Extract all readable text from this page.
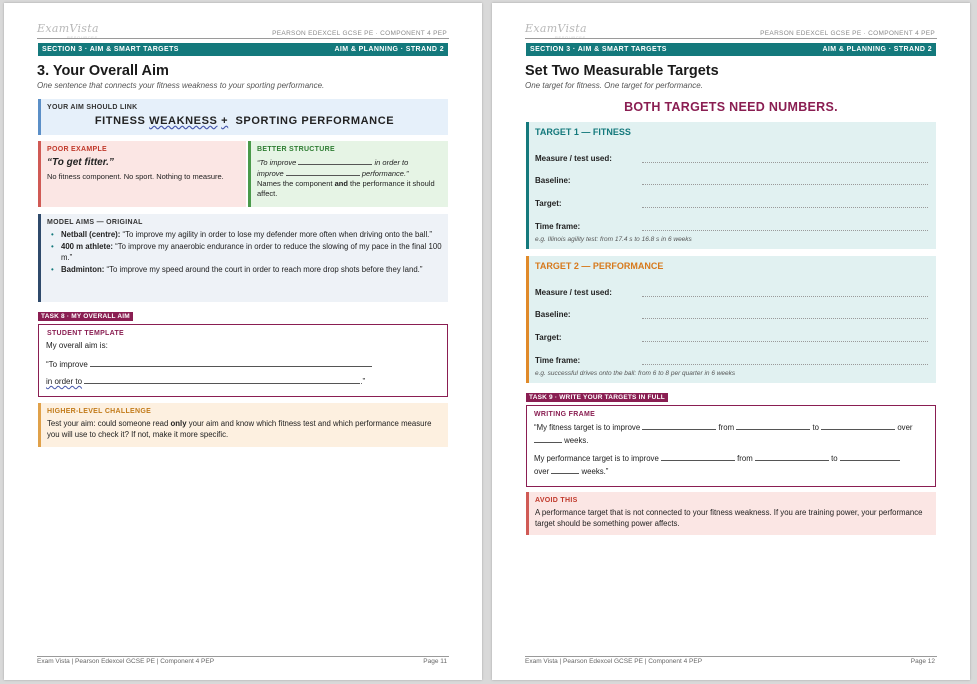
ExamVista
RESOURCES
PEARSON EDEXCEL GCSE PE · COMPONENT 4 PEP
SECTION 3 · AIM & SMART TARGETS	AIM & PLANNING · STRAND 2
3. Your Overall Aim
One sentence that connects your fitness weakness to your sporting performance.
YOUR AIM SHOULD LINK
FITNESS WEAKNESS + SPORTING PERFORMANCE
POOR EXAMPLE
“To get fitter.”
No fitness component. No sport. Nothing to measure.
BETTER STRUCTURE
“To improve	in order to
improve	performance.”
Names the component and the performance it should affect.
MODEL AIMS — ORIGINAL
• Netball (centre): “To improve my agility in order to lose my defender more often when driving onto the ball.”
• 400 m athlete: “To improve my anaerobic endurance in order to reduce the slowing of my pace in the final 100 m.”
• Badminton: “To improve my speed around the court in order to reach more drop shots before they land.”
TASK 8 · MY OVERALL AIM
STUDENT TEMPLATE
My overall aim is:
“To improve
in order to	.”
HIGHER-LEVEL CHALLENGE
Test your aim: could someone read only your aim and know which fitness test and which performance measure you will use to check it? If not, make it more specific.
Exam Vista | Pearson Edexcel GCSE PE | Component 4 PEP	Page 11
ExamVista
RESOURCES
PEARSON EDEXCEL GCSE PE · COMPONENT 4 PEP
SECTION 3 · AIM & SMART TARGETS	AIM & PLANNING · STRAND 2
Set Two Measurable Targets
One target for fitness. One target for performance.
BOTH TARGETS NEED NUMBERS.
TARGET 1 — FITNESS
Measure / test used:
Baseline:
Target:
Time frame:
e.g. Illinois agility test: from 17.4 s to 16.8 s in 6 weeks
TARGET 2 — PERFORMANCE
Measure / test used:
Baseline:
Target:
Time frame:
e.g. successful drives onto the ball: from 6 to 8 per quarter in 6 weeks
TASK 9 · WRITE YOUR TARGETS IN FULL
WRITING FRAME
“My fitness target is to improve	from	to	over
weeks.
My performance target is to improve	from	to
over	weeks.”
AVOID THIS
A performance target that is not connected to your fitness weakness. If you are training power, your performance target should be something power affects.
Exam Vista | Pearson Edexcel GCSE PE | Component 4 PEP	Page 12
